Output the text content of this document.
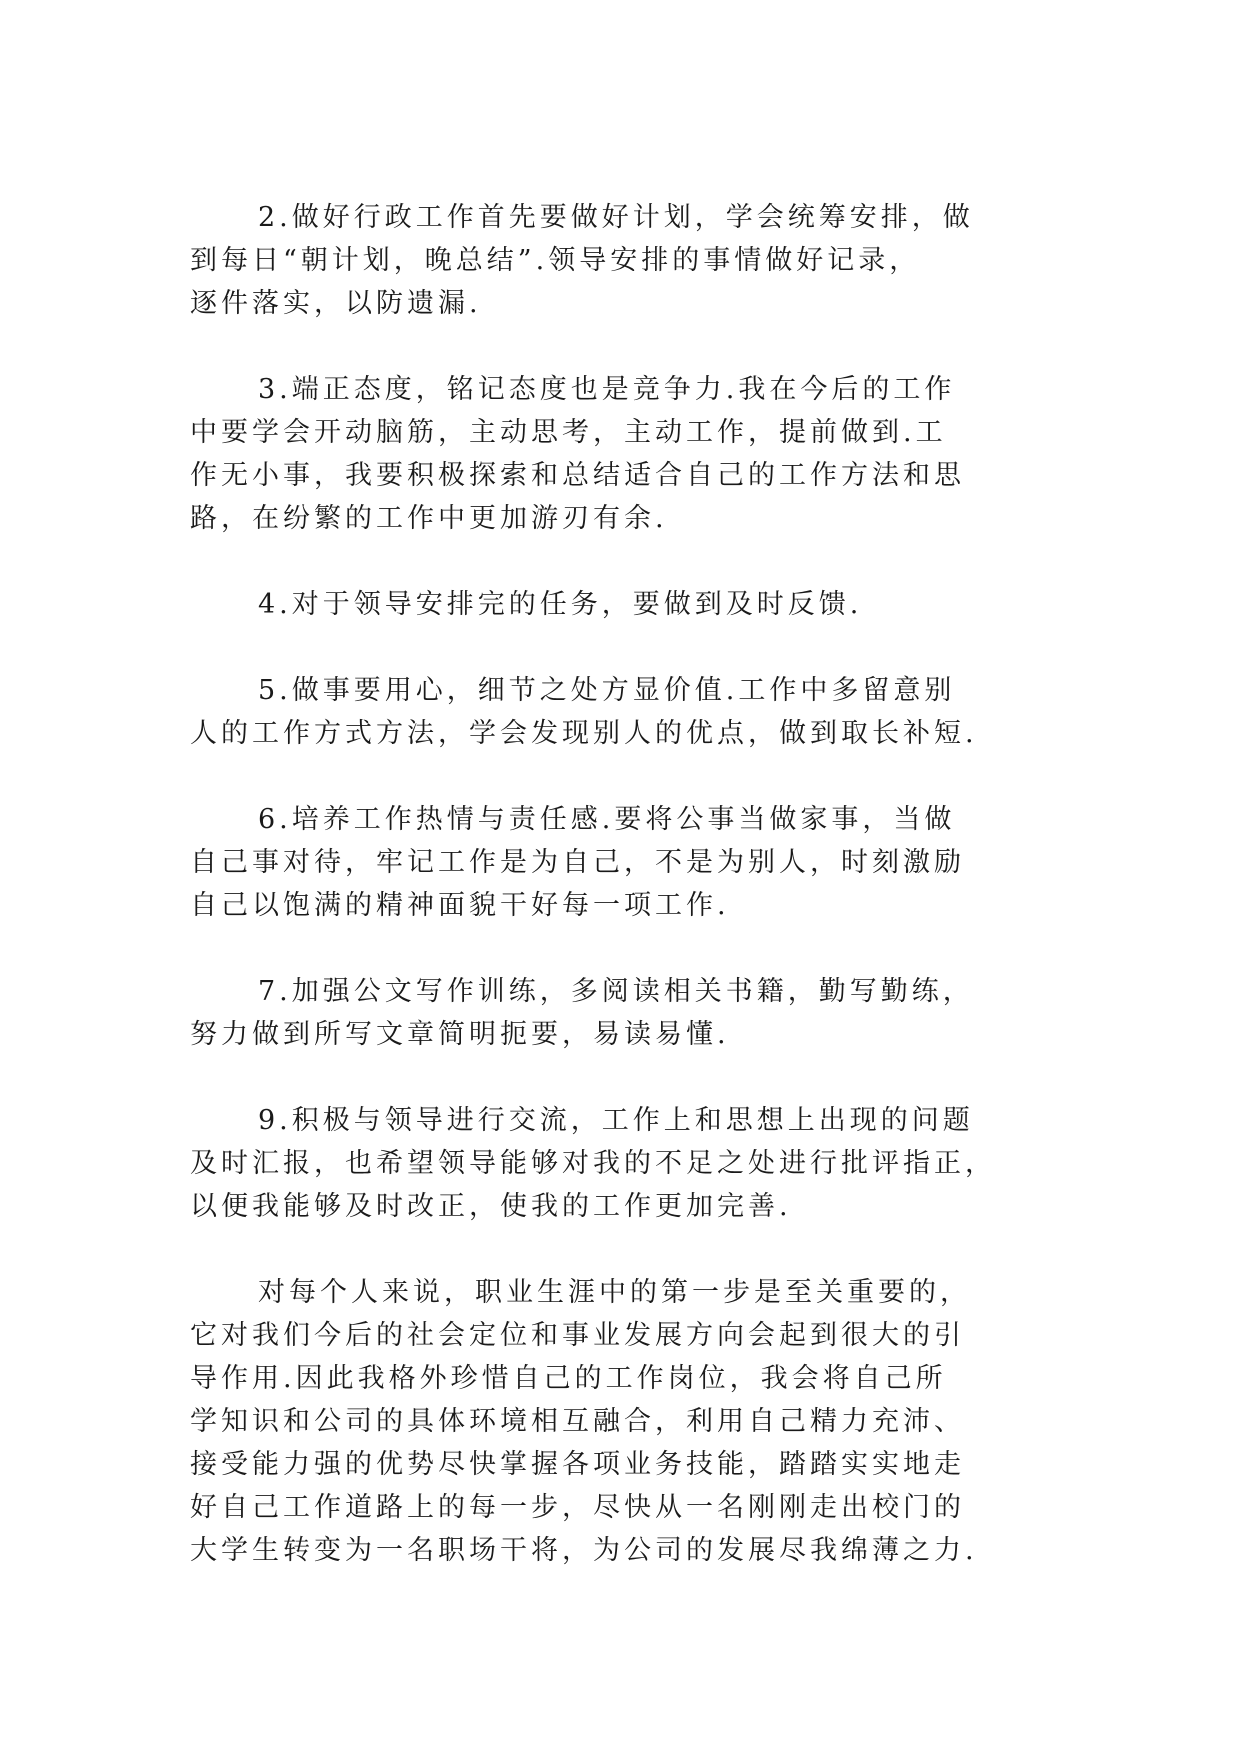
2.做好行政工作首先要做好计划，学会统筹安排，做
到每日“朝计划，晚总结”.领导安排的事情做好记录，
逐件落实，以防遗漏.

3.端正态度，铭记态度也是竞争力.我在今后的工作
中要学会开动脑筋，主动思考，主动工作，提前做到.工
作无小事，我要积极探索和总结适合自己的工作方法和思
路，在纷繁的工作中更加游刃有余.

4.对于领导安排完的任务，要做到及时反馈.

5.做事要用心，细节之处方显价值.工作中多留意别
人的工作方式方法，学会发现别人的优点，做到取长补短.

6.培养工作热情与责任感.要将公事当做家事，当做
自己事对待，牢记工作是为自己，不是为别人，时刻激励
自己以饱满的精神面貌干好每一项工作.

7.加强公文写作训练，多阅读相关书籍，勤写勤练，
努力做到所写文章简明扼要，易读易懂.

9.积极与领导进行交流，工作上和思想上出现的问题
及时汇报，也希望领导能够对我的不足之处进行批评指正，
以便我能够及时改正，使我的工作更加完善.

对每个人来说，职业生涯中的第一步是至关重要的，
它对我们今后的社会定位和事业发展方向会起到很大的引
导作用.因此我格外珍惜自己的工作岗位，我会将自己所
学知识和公司的具体环境相互融合，利用自己精力充沛、
接受能力强的优势尽快掌握各项业务技能，踏踏实实地走
好自己工作道路上的每一步，尽快从一名刚刚走出校门的
大学生转变为一名职场干将，为公司的发展尽我绵薄之力.
